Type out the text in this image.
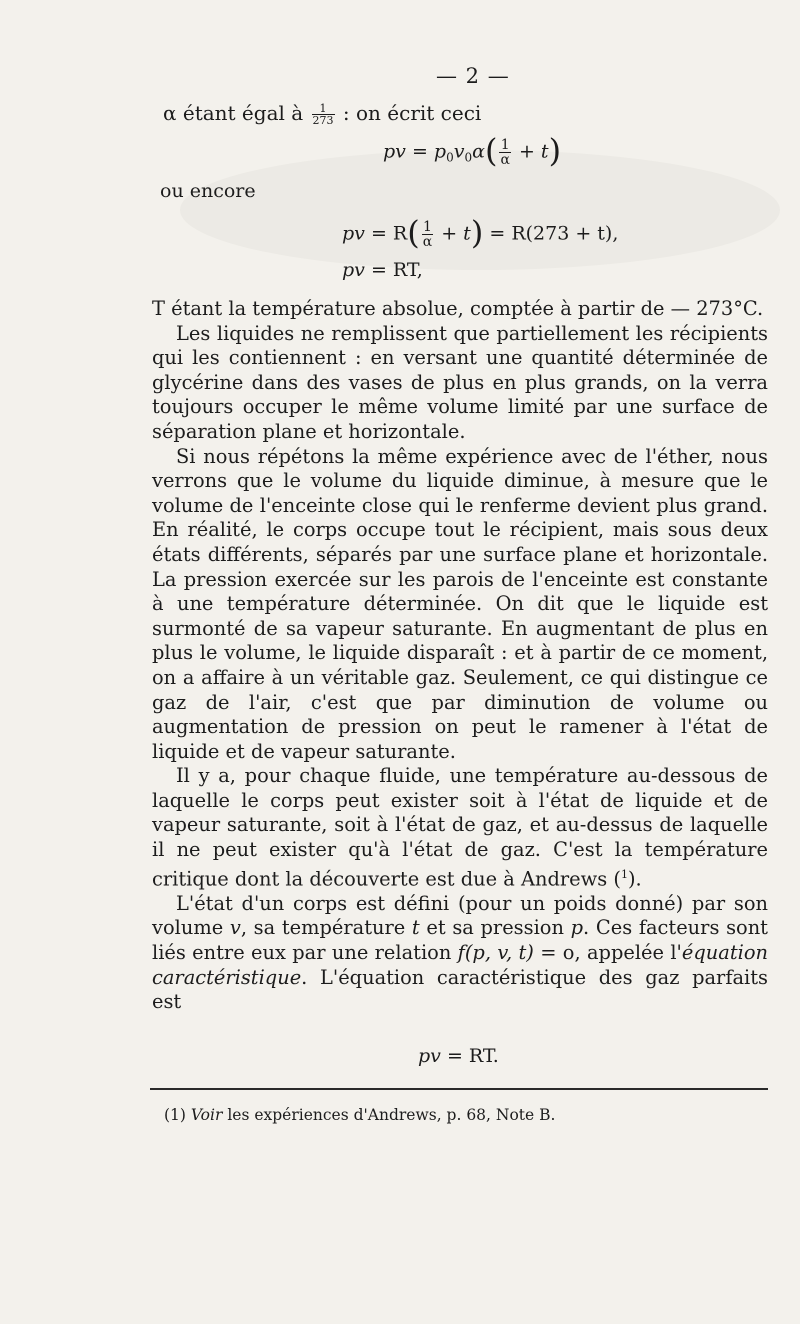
— 2 —
α étant égal à $\frac{1}{273}$ : on écrit ceci
pv = $p_0v_0\alpha( \frac{1}{\alpha} + t)$
ou encore
pv = $R( \frac{1}{\alpha} + t) = R(273 + t)$,
pv = RT,

T étant la température absolue, comptée à partir de — 273°C.

Les liquides ne remplissent que partiellement les récipients qui les contiennent : en versant une quantité déterminée de glycérine dans des vases de plus en plus grands, on la verra toujours occuper le même volume limité par une surface de séparation plane et horizontale.

Si nous répétons la même expérience avec de l'éther, nous verrons que le volume du liquide diminue, à mesure que le volume de l'enceinte close qui le renferme devient plus grand. En réalité, le corps occupe tout le récipient, mais sous deux états différents, séparés par une surface plane et horizontale. La pression exercée sur les parois de l'enceinte est constante à une température déterminée. On dit que le liquide est surmonté de sa vapeur saturante. En augmentant de plus en plus le volume, le liquide disparaît : et à partir de ce moment, on a affaire à un véritable gaz. Seulement, ce qui distingue ce gaz de l'air, c'est que par diminution de volume ou augmentation de pression on peut le ramener à l'état de liquide et de vapeur saturante.

Il y a, pour chaque fluide, une température au-dessous de laquelle le corps peut exister soit à l'état de liquide et de vapeur saturante, soit à l'état de gaz, et au-dessus de laquelle il ne peut exister qu'à l'état de gaz. C'est la température critique dont la découverte est due à Andrews ($^1$).

L'état d'un corps est défini (pour un poids donné) par son volume v, sa température t et sa pression p. Ces facteurs sont liés entre eux par une relation f(p, v, t) = o, appelée l'équation caractéristique. L'équation caractéristique des gaz parfaits est

pv = RT.
(1) Voir les expériences d'Andrews, p. 68, Note B.
